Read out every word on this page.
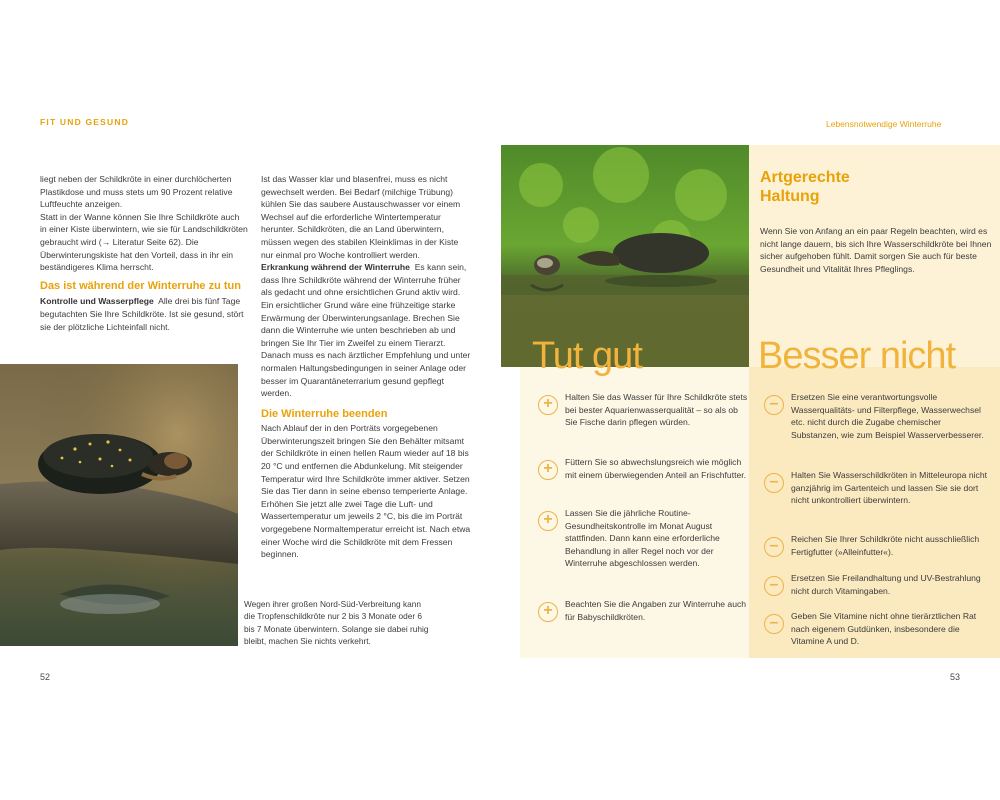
FIT UND GESUND	Lebensnotwendige Winterruhe

liegt neben der Schildkröte in einer durchlöcherten Plastikdose und muss stets um 90 Prozent relative Luftfeuchte anzeigen.

Statt in der Wanne können Sie Ihre Schildkröte auch in einer Kiste überwintern, wie sie für Landschildkröten gebraucht wird (→ Literatur Seite 62). Die Überwinterungskiste hat den Vorteil, dass in ihr ein beständigeres Klima herrscht.

Das ist während der Winterruhe zu tun

Kontrolle und Wasserpflege Alle drei bis fünf Tage begutachten Sie Ihre Schildkröte. Ist sie gesund, stört sie der plötzliche Lichteinfall nicht.

Ist das Wasser klar und blasenfrei, muss es nicht gewechselt werden. Bei Bedarf (milchige Trübung) kühlen Sie das saubere Austauschwasser vor einem Wechsel auf die erforderliche Wintertemperatur herunter. Schildkröten, die an Land überwintern, müssen wegen des stabilen Kleinklimas in der Kiste nur einmal pro Woche kontrolliert werden.

Erkrankung während der Winterruhe Es kann sein, dass Ihre Schildkröte während der Winterruhe früher als gedacht und ohne ersichtlichen Grund aktiv wird. Ein ersichtlicher Grund wäre eine frühzeitige starke Erwärmung der Überwinterungsanlage. Brechen Sie dann die Winterruhe wie unten beschrieben ab und bringen Sie Ihr Tier im Zweifel zu einem Tierarzt. Danach muss es nach ärztlicher Empfehlung und unter normalen Haltungsbedingungen in seiner Anlage oder besser im Quarantäneterrarium gesund gepflegt werden.

Die Winterruhe beenden

Nach Ablauf der in den Porträts vorgegebenen Überwinterungszeit bringen Sie den Behälter mitsamt der Schildkröte in einen hellen Raum wieder auf 18 bis 20 °C und entfernen die Abdunkelung. Mit steigender Temperatur wird Ihre Schildkröte immer aktiver. Setzen Sie das Tier dann in seine ebenso temperierte Anlage. Erhöhen Sie jetzt alle zwei Tage die Luft- und Wassertemperatur um jeweils 2 °C, bis die im Porträt vorgegebene Normaltemperatur erreicht ist. Nach etwa einer Woche wird die Schildkröte mit dem Fressen beginnen.

Wegen ihrer großen Nord-Süd-Verbreitung kann die Tropfenschildkröte nur 2 bis 3 Monate oder 6 bis 7 Monate überwintern. Solange sie dabei ruhig bleibt, machen Sie nichts verkehrt.
52	53
Artgerechte
Haltung
Wenn Sie von Anfang an ein paar Regeln beachten, wird es nicht lange dauern, bis sich Ihre Wasserschildkröte bei Ihnen sicher aufgehoben fühlt. Damit sorgen Sie auch für beste Gesundheit und Vitalität Ihres Pfleglings.
Tut gut	Besser nicht
+	Halten Sie das Wasser für Ihre Schildkröte stets bei bester Aquarienwasserqualität – so als ob Sie Fische darin pflegen würden.
+	Füttern Sie so abwechslungsreich wie möglich mit einem überwiegenden Anteil an Frischfutter.
+	Lassen Sie die jährliche Routine-Gesundheitskontrolle im Monat August stattfinden. Dann kann eine erforderliche Behandlung in aller Regel noch vor der Winterruhe abgeschlossen werden.
+	Beachten Sie die Angaben zur Winterruhe auch für Babyschildkröten.
–	Ersetzen Sie eine verantwortungsvolle Wasserqualitäts- und Filterpflege, Wasserwechsel etc. nicht durch die Zugabe chemischer Substanzen, wie zum Beispiel Wasserverbesserer.
–	Halten Sie Wasserschildkröten in Mitteleuropa nicht ganzjährig im Gartenteich und lassen Sie sie dort nicht unkontrolliert überwintern.
–	Reichen Sie Ihrer Schildkröte nicht ausschließlich Fertigfutter (»Alleinfutter«).
–	Ersetzen Sie Freilandhaltung und UV-Bestrahlung nicht durch Vitamingaben.
–	Geben Sie Vitamine nicht ohne tierärztlichen Rat nach eigenem Gutdünken, insbesondere die Vitamine A und D.
